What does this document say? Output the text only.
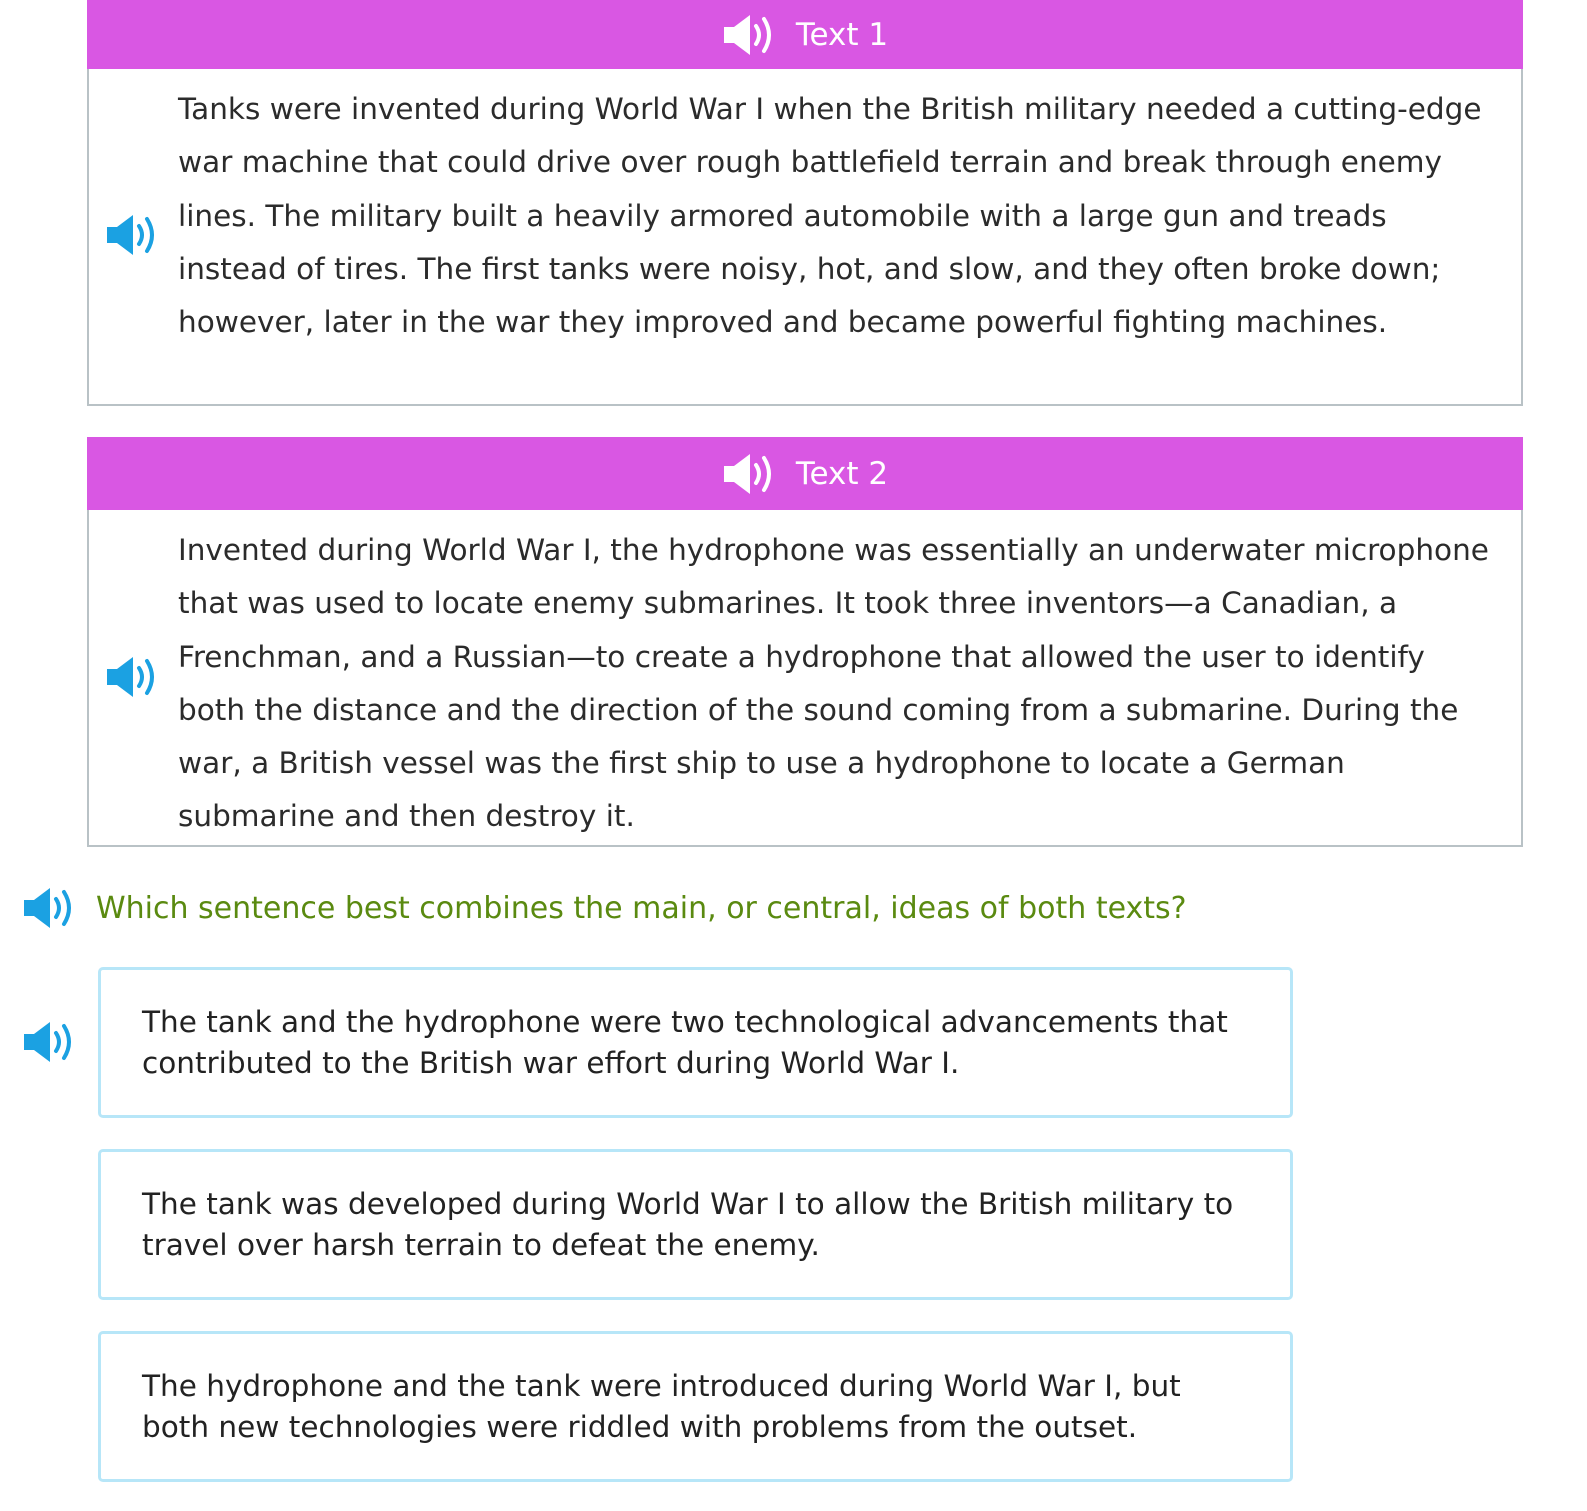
Text 1

Tanks were invented during World War I when the British military needed a cutting-edge war machine that could drive over rough battlefield terrain and break through enemy lines. The military built a heavily armored automobile with a large gun and treads instead of tires. The first tanks were noisy, hot, and slow, and they often broke down; however, later in the war they improved and became powerful fighting machines.

Text 2

Invented during World War I, the hydrophone was essentially an underwater microphone that was used to locate enemy submarines. It took three inventors—a Canadian, a Frenchman, and a Russian—to create a hydrophone that allowed the user to identify both the distance and the direction of the sound coming from a submarine. During the war, a British vessel was the first ship to use a hydrophone to locate a German submarine and then destroy it.

Which sentence best combines the main, or central, ideas of both texts?
The tank and the hydrophone were two technological advancements that contributed to the British war effort during World War I.
The tank was developed during World War I to allow the British military to travel over harsh terrain to defeat the enemy.
The hydrophone and the tank were introduced during World War I, but both new technologies were riddled with problems from the outset.
